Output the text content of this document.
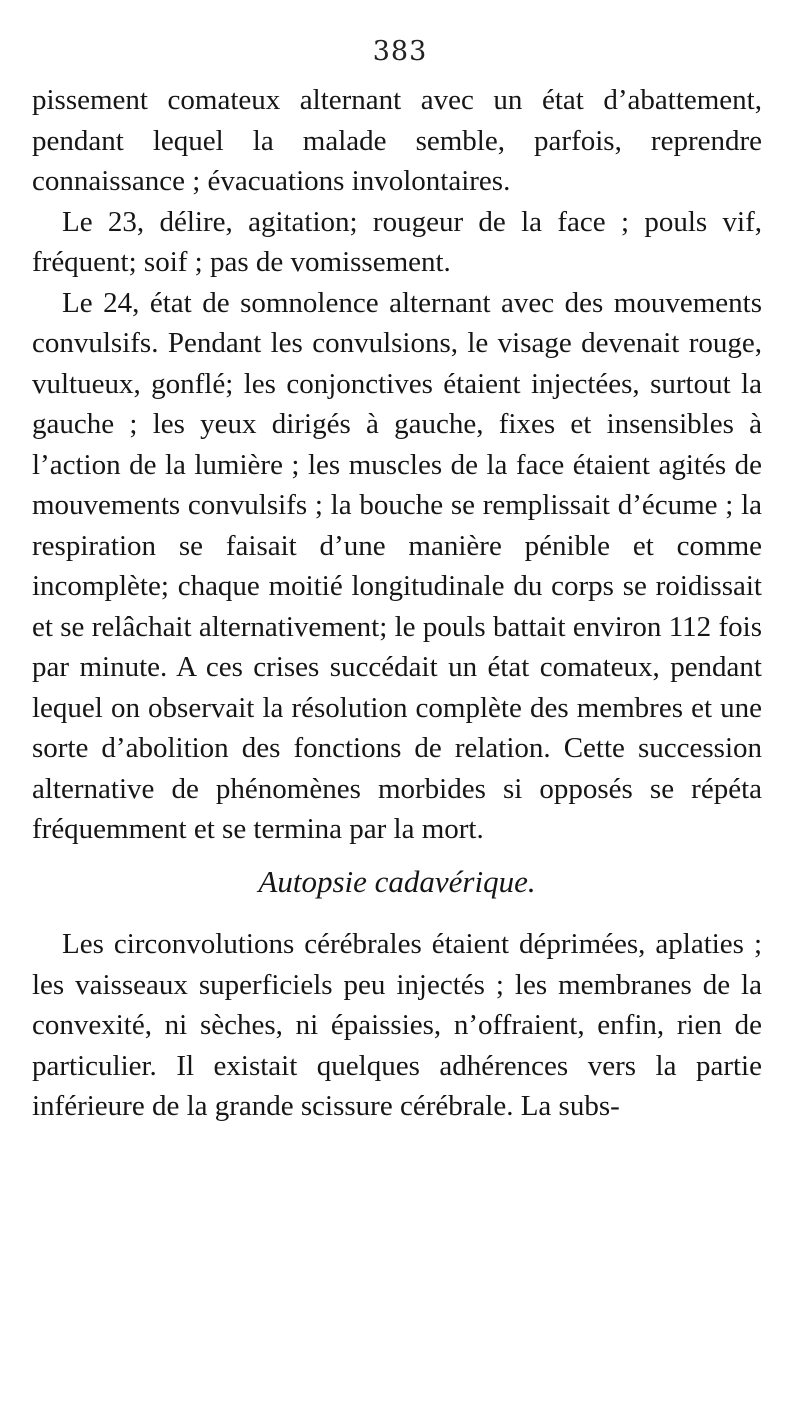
383

pissement comateux alternant avec un état d’abattement, pendant lequel la malade semble, parfois, reprendre connaissance ; évacuations involontaires.

Le 23, délire, agitation; rougeur de la face ; pouls vif, fréquent; soif ; pas de vomissement.

Le 24, état de somnolence alternant avec des mouvements convulsifs. Pendant les convulsions, le visage devenait rouge, vultueux, gonflé; les conjonctives étaient injectées, surtout la gauche ; les yeux dirigés à gauche, fixes et insensibles à l’action de la lumière ; les muscles de la face étaient agités de mouvements convulsifs ; la bouche se remplissait d’écume ; la respiration se faisait d’une manière pénible et comme incomplète; chaque moitié longitudinale du corps se roidissait et se relâchait alternativement; le pouls battait environ 112 fois par minute. A ces crises succédait un état comateux, pendant lequel on observait la résolution complète des membres et une sorte d’abolition des fonctions de relation. Cette succession alternative de phénomènes morbides si opposés se répéta fréquemment et se termina par la mort.

Autopsie cadavérique.

Les circonvolutions cérébrales étaient déprimées, aplaties ; les vaisseaux superficiels peu injectés ; les membranes de la convexité, ni sèches, ni épaissies, n’offraient, enfin, rien de particulier. Il existait quelques adhérences vers la partie inférieure de la grande scissure cérébrale. La subs-
